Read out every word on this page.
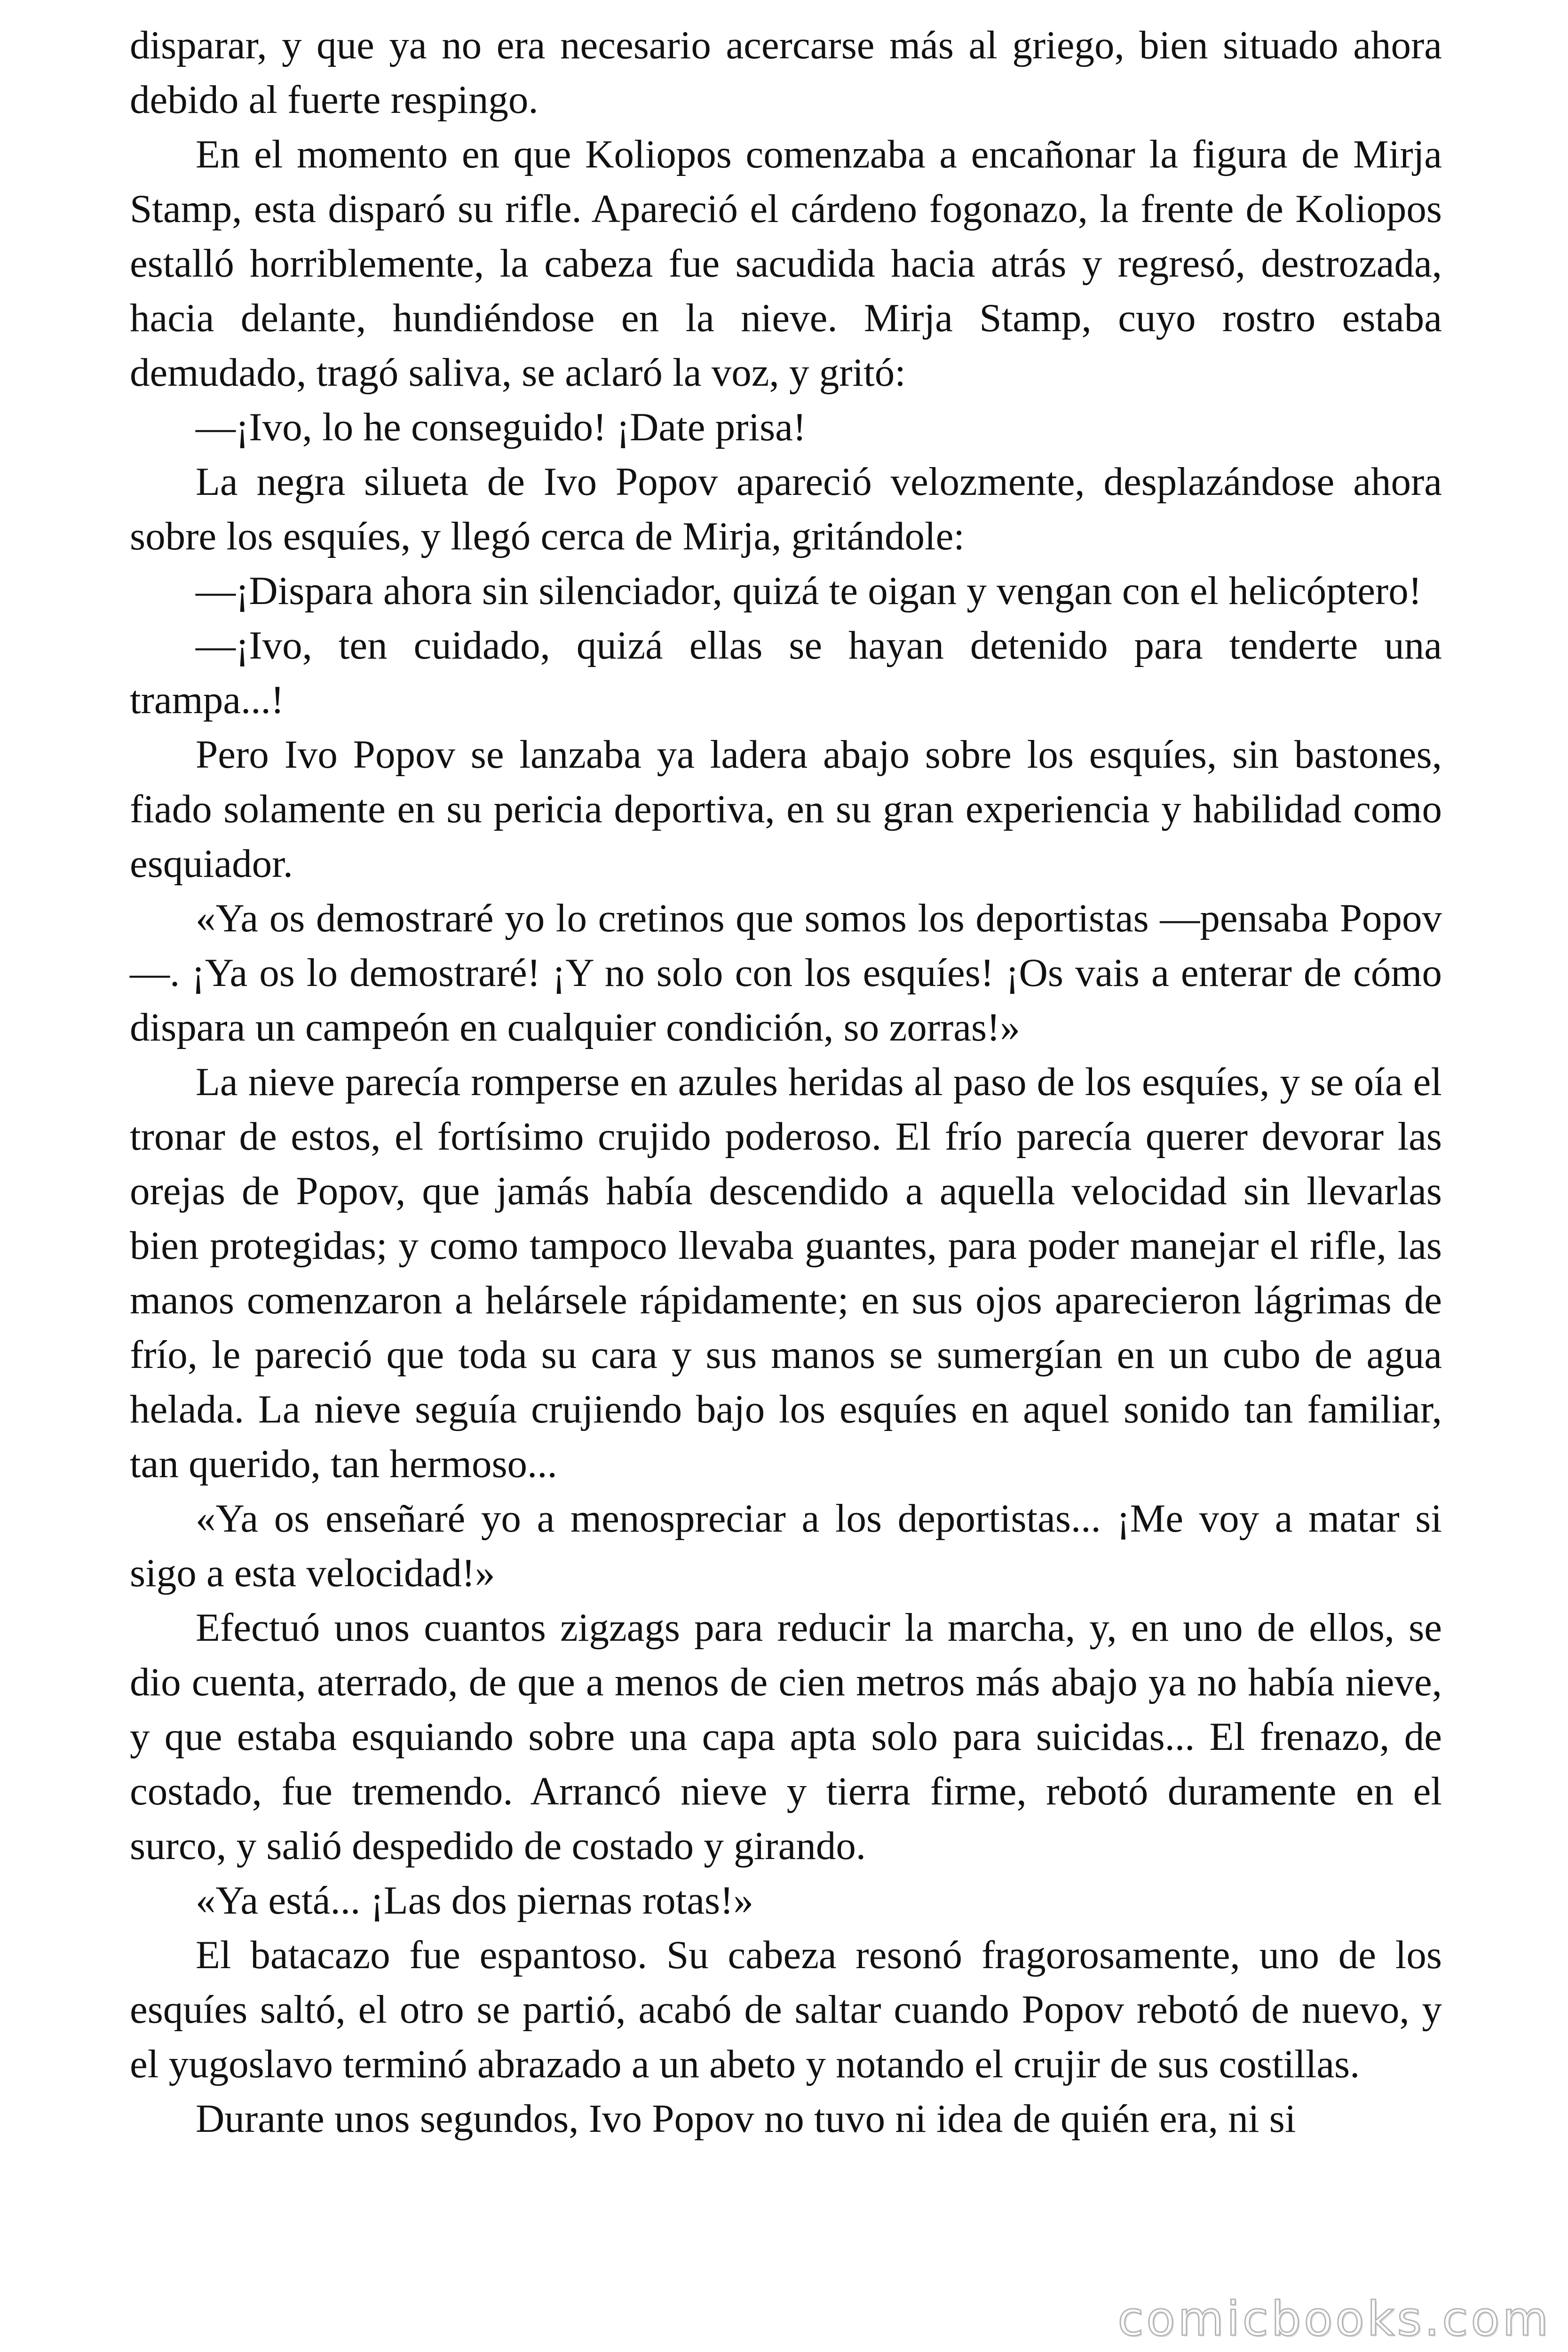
disparar, y que ya no era necesario acercarse más al griego, bien situado ahora debido al fuerte respingo.

En el momento en que Koliopos comenzaba a encañonar la figura de Mirja Stamp, esta disparó su rifle. Apareció el cárdeno fogonazo, la frente de Koliopos estalló horriblemente, la cabeza fue sacudida hacia atrás y regresó, destrozada, hacia delante, hundiéndose en la nieve. Mirja Stamp, cuyo rostro estaba demudado, tragó saliva, se aclaró la voz, y gritó:

—¡Ivo, lo he conseguido! ¡Date prisa!

La negra silueta de Ivo Popov apareció velozmente, desplazándose ahora sobre los esquíes, y llegó cerca de Mirja, gritándole:

—¡Dispara ahora sin silenciador, quizá te oigan y vengan con el helicóptero!

—¡Ivo, ten cuidado, quizá ellas se hayan detenido para tenderte una trampa...!

Pero Ivo Popov se lanzaba ya ladera abajo sobre los esquíes, sin bastones, fiado solamente en su pericia deportiva, en su gran experiencia y habilidad como esquiador.

«Ya os demostraré yo lo cretinos que somos los deportistas —pensaba Popov—. ¡Ya os lo demostraré! ¡Y no solo con los esquíes! ¡Os vais a enterar de cómo dispara un campeón en cualquier condición, so zorras!»

La nieve parecía romperse en azules heridas al paso de los esquíes, y se oía el tronar de estos, el fortísimo crujido poderoso. El frío parecía querer devorar las orejas de Popov, que jamás había descendido a aquella velocidad sin llevarlas bien protegidas; y como tampoco llevaba guantes, para poder manejar el rifle, las manos comenzaron a helársele rápidamente; en sus ojos aparecieron lágrimas de frío, le pareció que toda su cara y sus manos se sumergían en un cubo de agua helada. La nieve seguía crujiendo bajo los esquíes en aquel sonido tan familiar, tan querido, tan hermoso...

«Ya os enseñaré yo a menospreciar a los deportistas... ¡Me voy a matar si sigo a esta velocidad!»

Efectuó unos cuantos zigzags para reducir la marcha, y, en uno de ellos, se dio cuenta, aterrado, de que a menos de cien metros más abajo ya no había nieve, y que estaba esquiando sobre una capa apta solo para suicidas... El frenazo, de costado, fue tremendo. Arrancó nieve y tierra firme, rebotó duramente en el surco, y salió despedido de costado y girando.

«Ya está... ¡Las dos piernas rotas!»

El batacazo fue espantoso. Su cabeza resonó fragorosamente, uno de los esquíes saltó, el otro se partió, acabó de saltar cuando Popov rebotó de nuevo, y el yugoslavo terminó abrazado a un abeto y notando el crujir de sus costillas.

Durante unos segundos, Ivo Popov no tuvo ni idea de quién era, ni si

comicbooks.com
